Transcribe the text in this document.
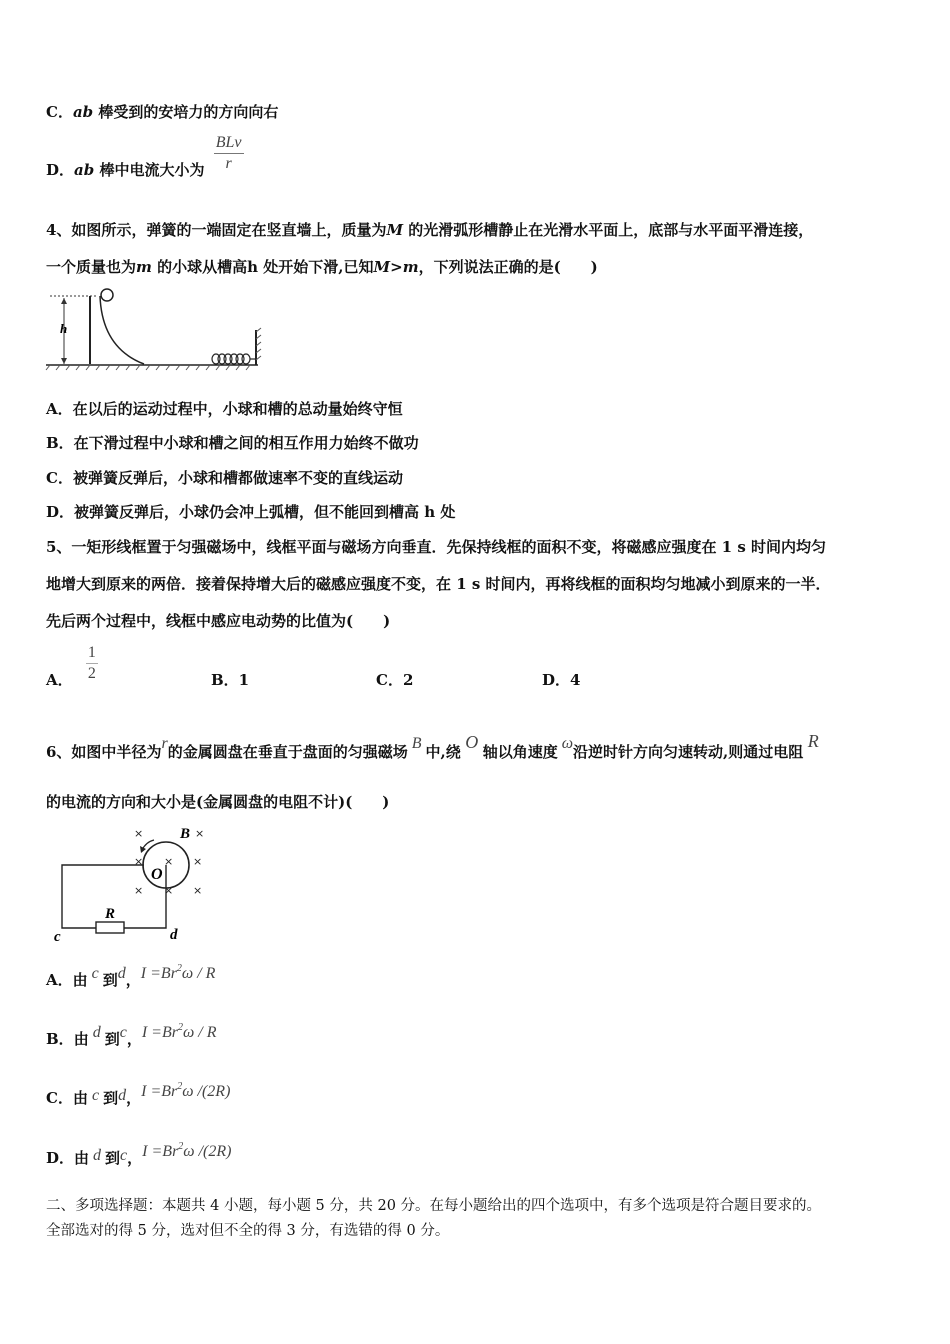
C．ab 棒受到的安培力的方向向右
D．ab 棒中电流大小为 $\frac{\text{BLv}}{r}$
4、如图所示，弹簧的一端固定在竖直墙上，质量为M 的光滑弧形槽静止在光滑水平面上，底部与水平面平滑连接，
一个质量也为m 的小球从槽高h 处开始下滑,已知M>m，下列说法正确的是(　　)
h
A．在以后的运动过程中，小球和槽的总动量始终守恒
B．在下滑过程中小球和槽之间的相互作用力始终不做功
C．被弹簧反弹后，小球和槽都做速率不变的直线运动
D．被弹簧反弹后，小球仍会冲上弧槽，但不能回到槽高 h 处
5、一矩形线框置于匀强磁场中，线框平面与磁场方向垂直．先保持线框的面积不变，将磁感应强度在 1 s 时间内均匀
地增大到原来的两倍．接着保持增大后的磁感应强度不变，在 1 s 时间内，再将线框的面积均匀地减小到原来的一半．
先后两个过程中，线框中感应电动势的比值为(　　)
A． $\frac{1}{2}$	B．1	C．2	D．4
6、如图中半径为r的金属圆盘在垂直于盘面的匀强磁场 B 中,绕 O 轴以角速度 ω沿逆时针方向匀速转动,则通过电阻 R
的电流的方向和大小是(金属圆盘的电阻不计)(　　)
×	×
× × ×
× × ×
B
O
R
c	d
A．由 c 到d，$I =Br^2\omega / R$
B．由 d 到c，$I =Br^2\omega / R$
C．由 c 到d，$I =Br^2\omega$ /(2R)
D．由 d 到c，$I =Br^2\omega$ /(2R)
二、多项选择题：本题共 4 小题，每小题 5 分，共 20 分。在每小题给出的四个选项中，有多个选项是符合题目要求的。
全部选对的得 5 分，选对但不全的得 3 分，有选错的得 0 分。
